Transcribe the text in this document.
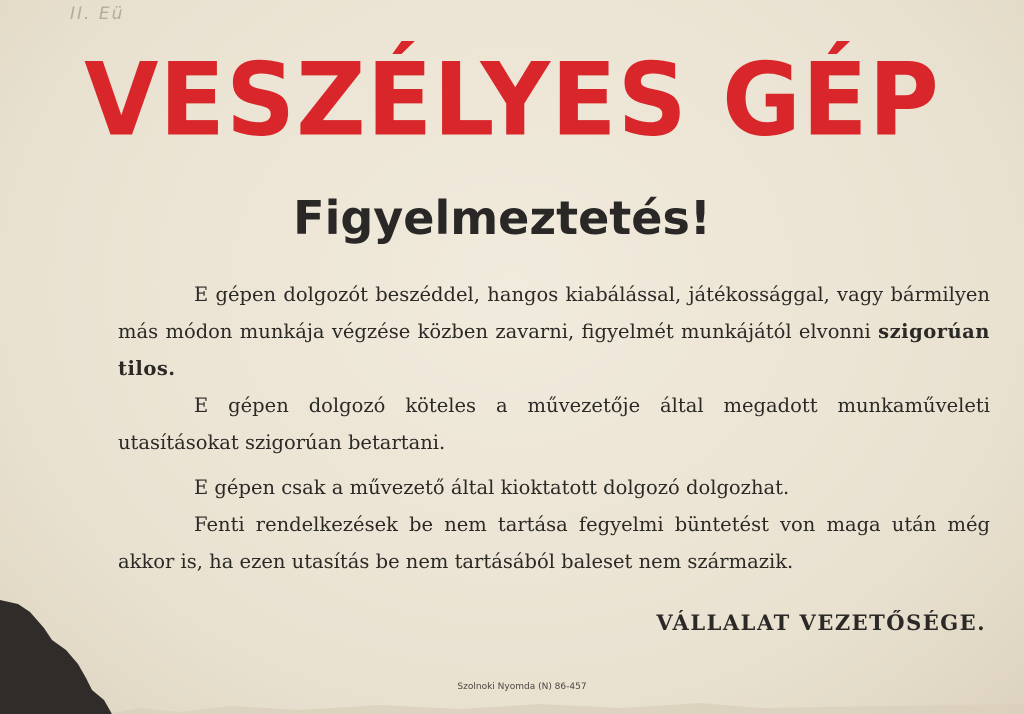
II. Eü
VESZÉLYES GÉP
Figyelmeztetés!

E gépen dolgozót beszéddel, hangos kiabálással, játékossággal, vagy bármilyen más módon munkája végzése közben zavarni, figyelmét munkájától elvonni szigorúan tilos.

E gépen dolgozó köteles a művezetője által megadott munkaműveleti utasításokat szigorúan betartani.

E gépen csak a művezető által kioktatott dolgozó dolgozhat.

Fenti rendelkezések be nem tartása fegyelmi büntetést von maga után még akkor is, ha ezen utasítás be nem tartásából baleset nem származik.

VÁLLALAT VEZETŐSÉGE.
Szolnoki Nyomda (N) 86-457
